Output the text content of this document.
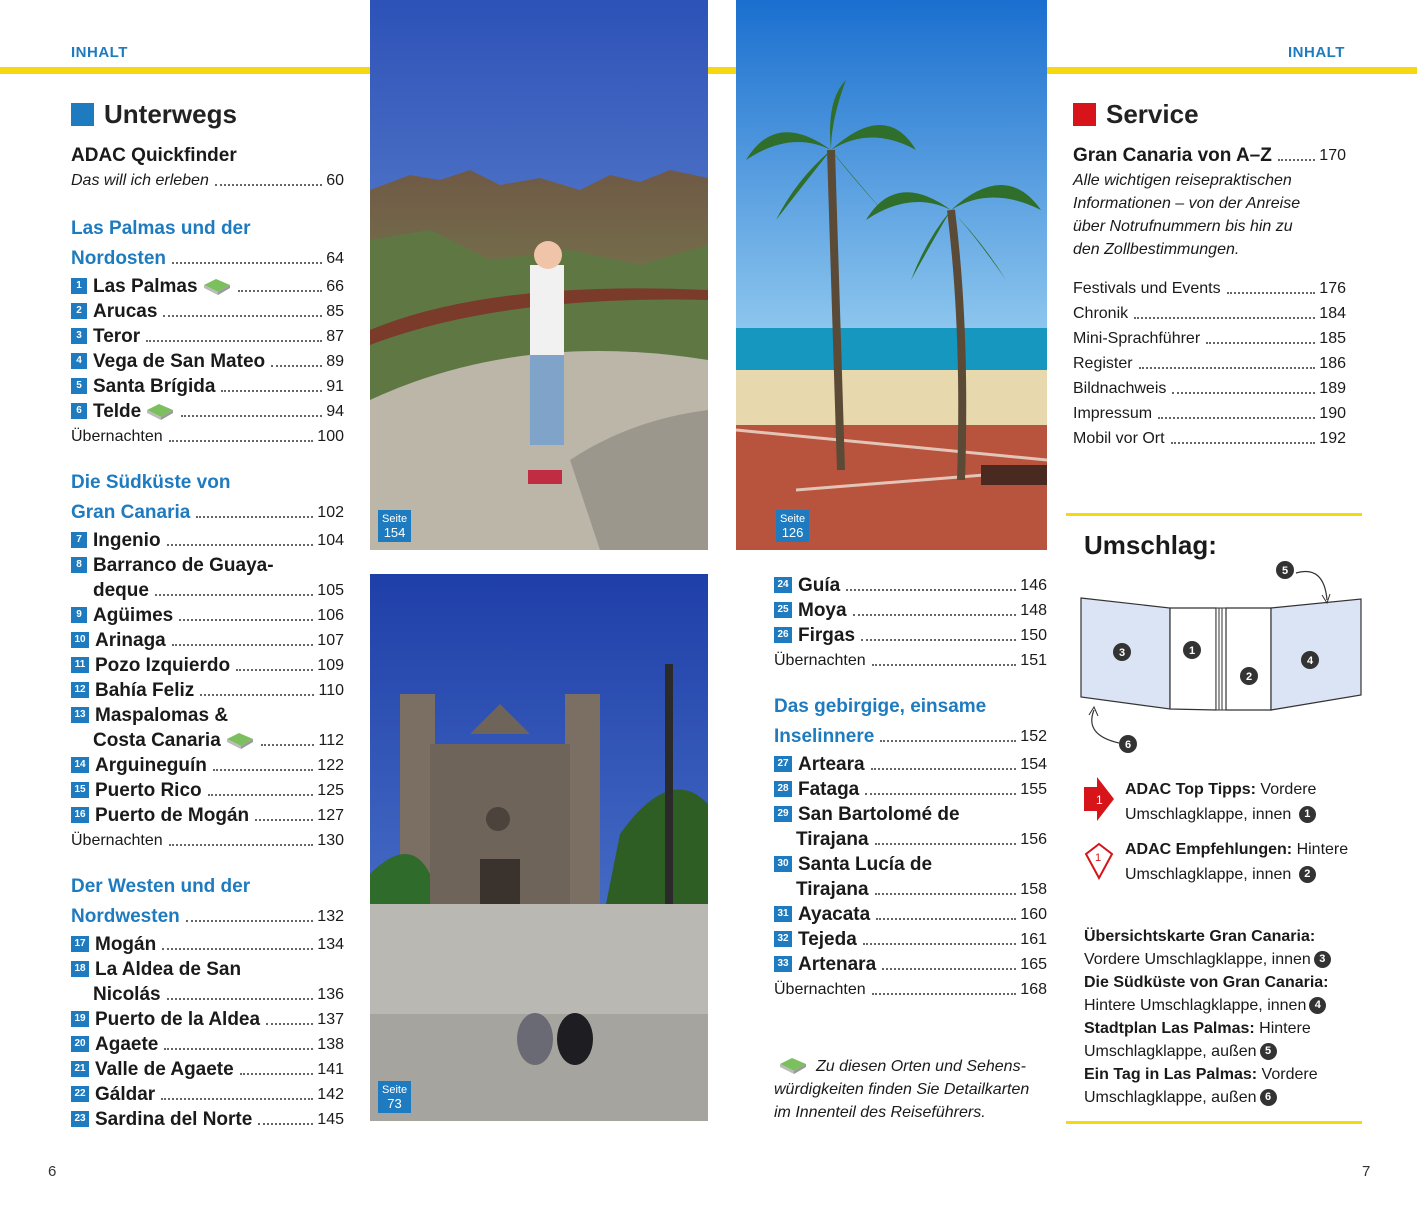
INHALT	INHALT
Unterwegs
ADAC Quickfinder
Das will ich erleben	60
Las Palmas und der
Nordosten	64
1 Las Palmas	66
2 Arucas	85
3 Teror	87
4 Vega de San Mateo	89
5 Santa Brígida	91
6 Telde	94
Übernachten	100
Die Südküste von
Gran Canaria	102
7 Ingenio	104
8 Barranco de Guaya-
deque	105
9 Agüimes	106
10 Arinaga	107
11 Pozo Izquierdo	109
12 Bahía Feliz	110
13 Maspalomas &
Costa Canaria	112
14 Arguineguín	122
15 Puerto Rico	125
16 Puerto de Mogán	127
Übernachten	130
Der Westen und der
Nordwesten	132
17 Mogán	134
18 La Aldea de San
Nicolás	136
19 Puerto de la Aldea	137
20 Agaete	138
21 Valle de Agaete	141
22 Gáldar	142
23 Sardina del Norte	145
Seite
154
Seite
73
Seite
126
24 Guía	146
25 Moya	148
26 Firgas	150
Übernachten	151
Das gebirgige, einsame
Inselinnere	152
27 Arteara	154
28 Fataga	155
29 San Bartolomé de
Tirajana	156
30 Santa Lucía de
Tirajana	158
31 Ayacata	160
32 Tejeda	161
33 Artenara	165
Übernachten	168
Zu diesen Orten und Sehens-
würdigkeiten finden Sie Detailkarten
im Innenteil des Reiseführers.
Service
Gran Canaria von A–Z	170
Alle wichtigen reisepraktischen
Informationen – von der Anreise
über Notrufnummern bis hin zu
den Zollbestimmungen.
Festivals und Events	176
Chronik	184
Mini-Sprachführer	185
Register	186
Bildnachweis	189
Impressum	190
Mobil vor Ort	192
Umschlag:
1
2
3
4
5
6
1
ADAC Top Tipps: Vordere
Umschlagklappe, innen 1
1 ADAC Empfehlungen: Hintere
Umschlagklappe, innen 2
Übersichtskarte Gran Canaria:
Vordere Umschlagklappe, innen 3
Die Südküste von Gran Canaria:
Hintere Umschlagklappe, innen 4
Stadtplan Las Palmas: Hintere
Umschlagklappe, außen 5
Ein Tag in Las Palmas: Vordere
Umschlagklappe, außen 6
6	7
